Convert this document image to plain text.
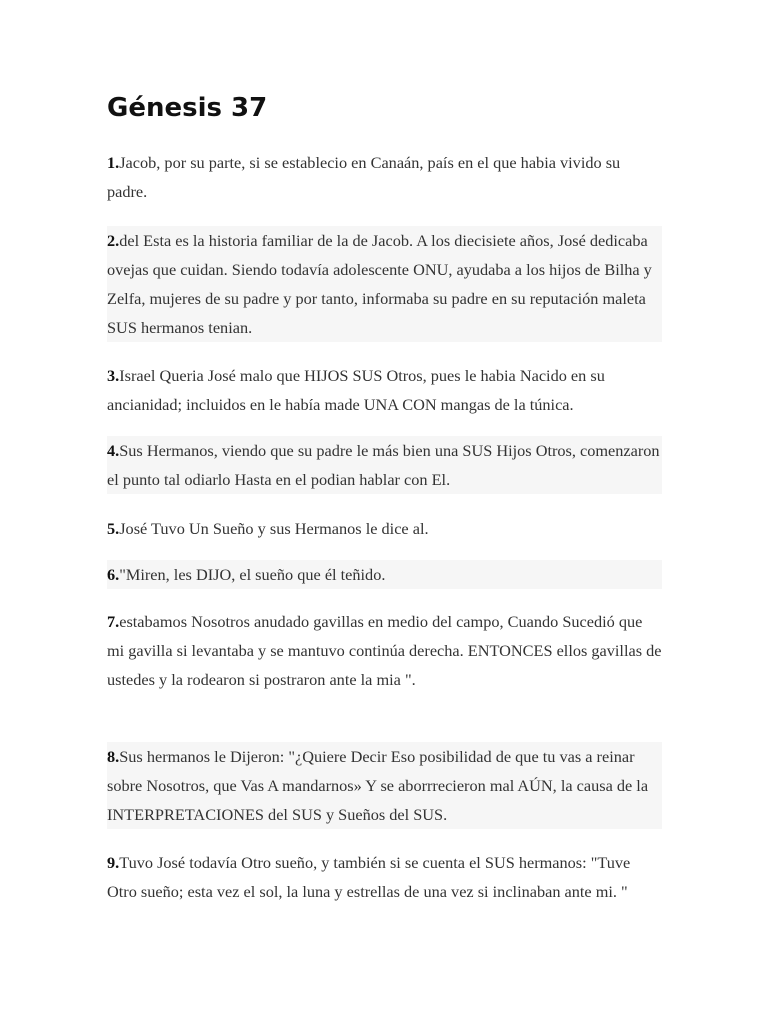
Génesis 37

1.Jacob, por su parte, si se establecio en Canaán, país en el que habia vivido su padre.

2.del Esta es la historia familiar de la de Jacob. A los diecisiete años, José dedicaba ovejas que cuidan. Siendo todavía adolescente ONU, ayudaba a los hijos de Bilha y Zelfa, mujeres de su padre y por tanto, informaba su padre en su reputación maleta SUS hermanos tenian.

3.Israel Queria José malo que HIJOS SUS Otros, pues le habia Nacido en su ancianidad; incluidos en le había made UNA CON mangas de la túnica.

4.Sus Hermanos, viendo que su padre le más bien una SUS Hijos Otros, comenzaron el punto tal odiarlo Hasta en el podian hablar con El.

5.José Tuvo Un Sueño y sus Hermanos le dice al.

6."Miren, les DIJO, el sueño que él teñido.

7.estabamos Nosotros anudado gavillas en medio del campo, Cuando Sucedió que mi gavilla si levantaba y se mantuvo continúa derecha. ENTONCES ellos gavillas de ustedes y la rodearon si postraron ante la mia ".

8.Sus hermanos le Dijeron: "¿Quiere Decir Eso posibilidad de que tu vas a reinar sobre Nosotros, que Vas A mandarnos» Y se aborrrecieron mal AÚN, la causa de la INTERPRETACIONES del SUS y Sueños del SUS.

9.Tuvo José todavía Otro sueño, y también si se cuenta el SUS hermanos: "Tuve Otro sueño; esta vez el sol, la luna y estrellas de una vez si inclinaban ante mi. "
